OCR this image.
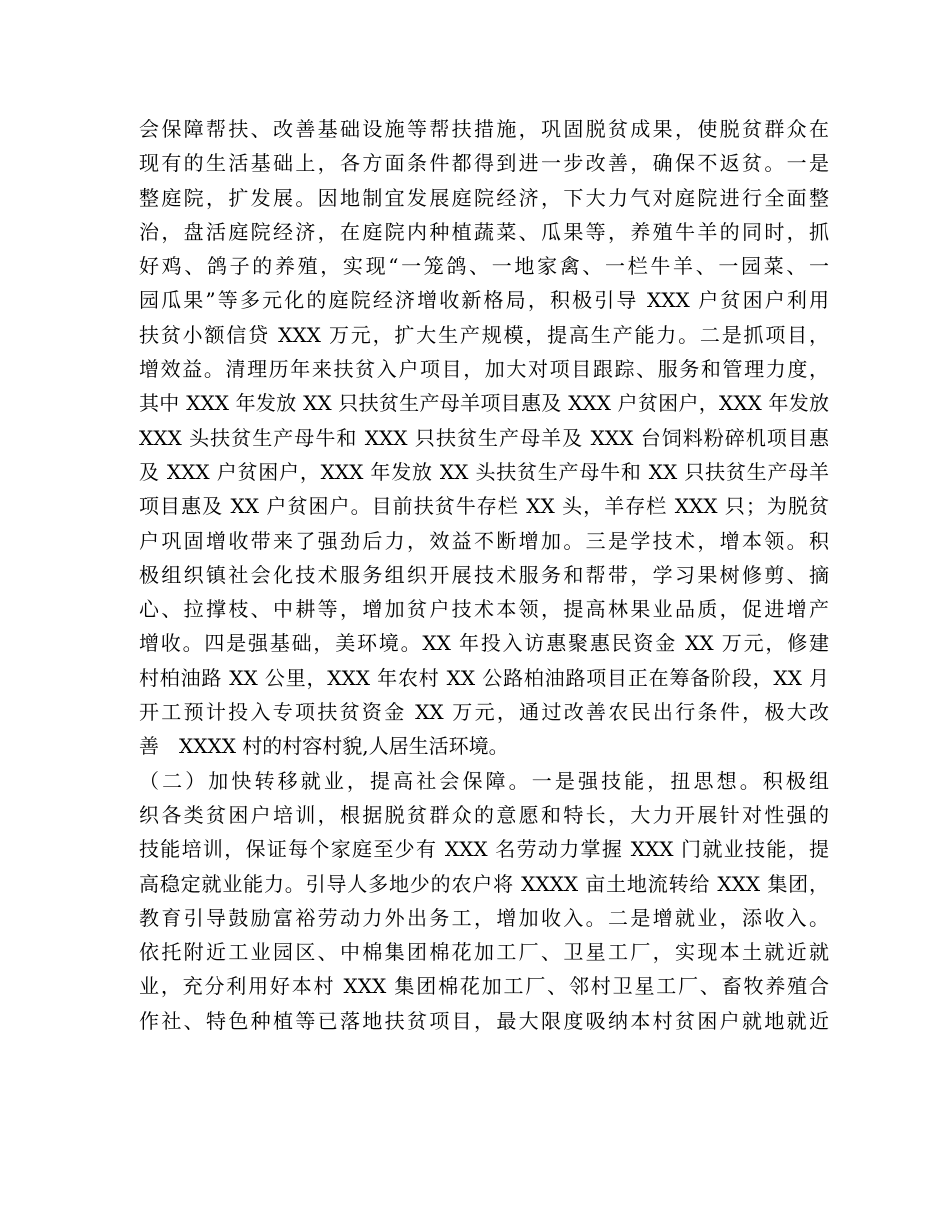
会保障帮扶、改善基础设施等帮扶措施，巩固脱贫成果，使脱贫群众在
现有的生活基础上，各方面条件都得到进一步改善，确保不返贫。一是
整庭院，扩发展。因地制宜发展庭院经济，下大力气对庭院进行全面整
治，盘活庭院经济，在庭院内种植蔬菜、瓜果等，养殖牛羊的同时，抓
好鸡、鸽子的养殖，实现“一笼鸽、一地家禽、一栏牛羊、一园菜、一
园瓜果”等多元化的庭院经济增收新格局，积极引导 XXX 户贫困户利用
扶贫小额信贷 XXX 万元，扩大生产规模，提高生产能力。二是抓项目，
增效益。清理历年来扶贫入户项目，加大对项目跟踪、服务和管理力度，
其中 XXX 年发放 XX 只扶贫生产母羊项目惠及 XXX 户贫困户，XXX 年发放
XXX 头扶贫生产母牛和 XXX 只扶贫生产母羊及 XXX 台饲料粉碎机项目惠
及 XXX 户贫困户，XXX 年发放 XX 头扶贫生产母牛和 XX 只扶贫生产母羊
项目惠及 XX 户贫困户。目前扶贫牛存栏 XX 头，羊存栏 XXX 只；为脱贫
户巩固增收带来了强劲后力，效益不断增加。三是学技术，增本领。积
极组织镇社会化技术服务组织开展技术服务和帮带，学习果树修剪、摘
心、拉撑枝、中耕等，增加贫户技术本领，提高林果业品质，促进增产
增收。四是强基础，美环境。XX 年投入访惠聚惠民资金 XX 万元，修建
村柏油路 XX 公里，XXX 年农村 XX 公路柏油路项目正在筹备阶段，XX 月
开工预计投入专项扶贫资金 XX 万元，通过改善农民出行条件，极大改
善　XXXX 村的村容村貌,人居生活环境。
（二）加快转移就业，提高社会保障。一是强技能，扭思想。积极组
织各类贫困户培训，根据脱贫群众的意愿和特长，大力开展针对性强的
技能培训，保证每个家庭至少有 XXX 名劳动力掌握 XXX 门就业技能，提
高稳定就业能力。引导人多地少的农户将 XXXX 亩土地流转给 XXX 集团，
教育引导鼓励富裕劳动力外出务工，增加收入。二是增就业，添收入。
依托附近工业园区、中棉集团棉花加工厂、卫星工厂，实现本土就近就
业，充分利用好本村 XXX 集团棉花加工厂、邻村卫星工厂、畜牧养殖合
作社、特色种植等已落地扶贫项目，最大限度吸纳本村贫困户就地就近
